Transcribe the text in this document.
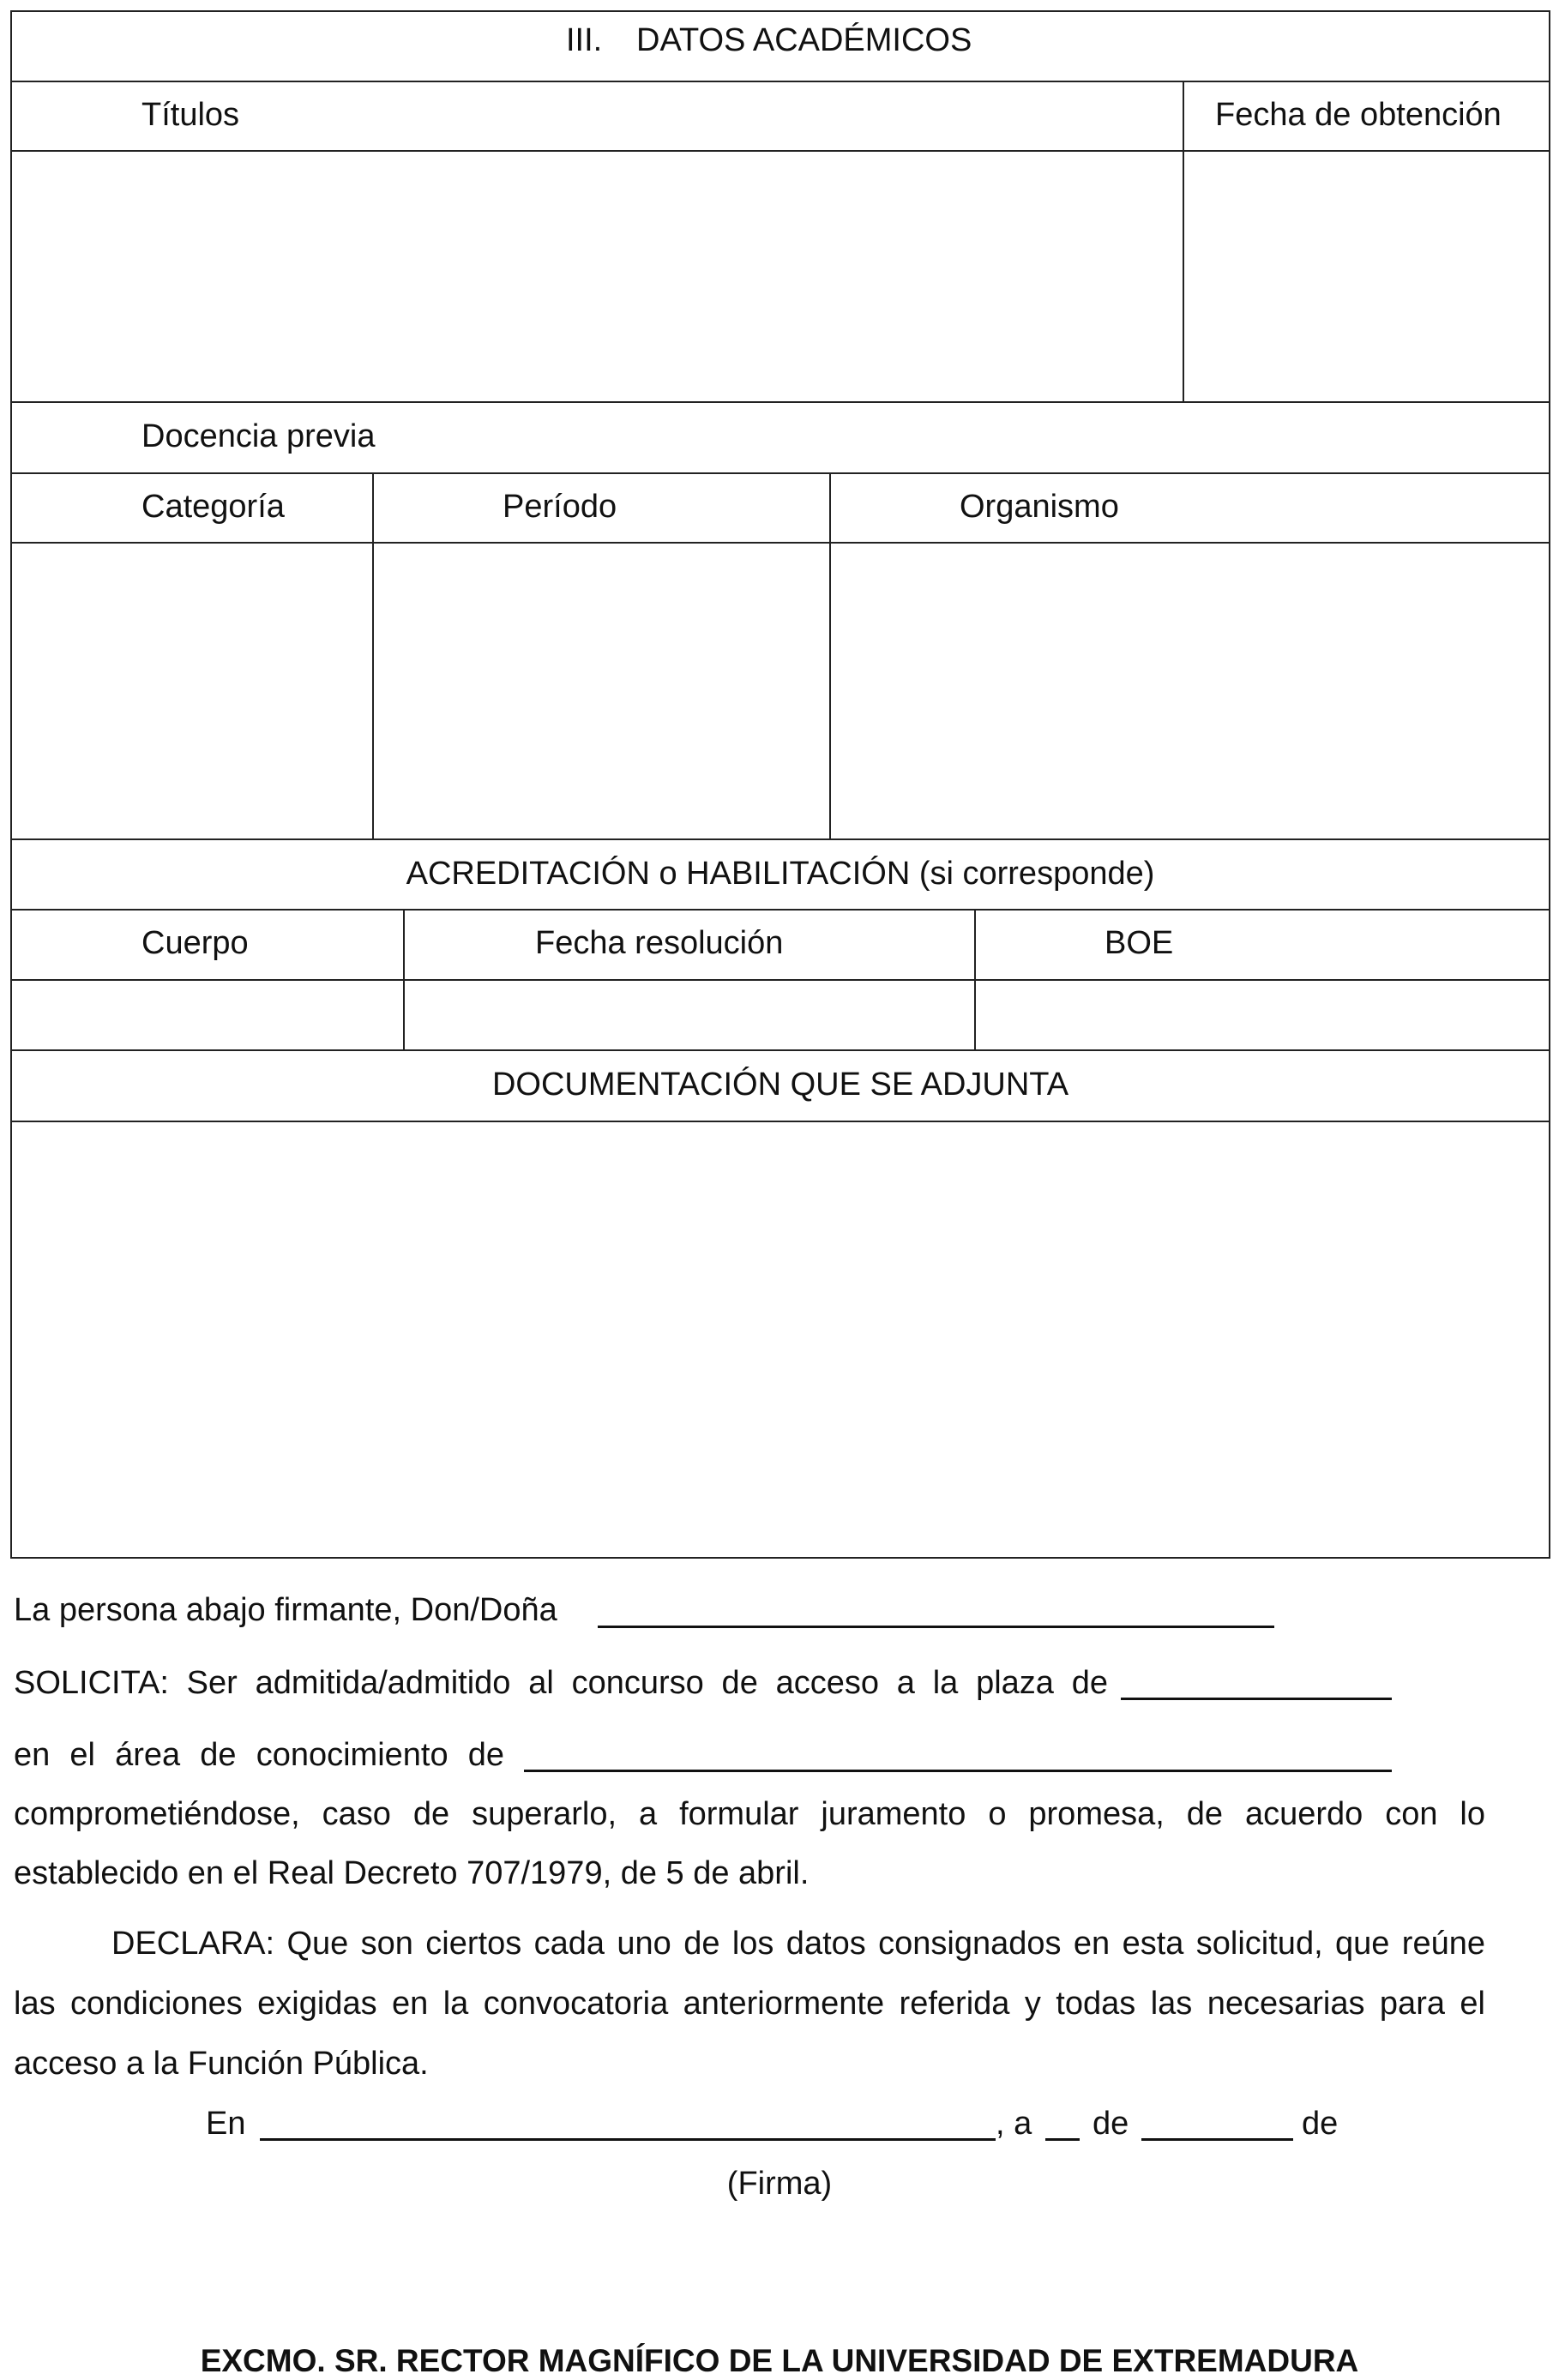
III. DATOS ACADÉMICOS
Títulos	Fecha de obtención
Docencia previa
Categoría	Período	Organismo
ACREDITACIÓN o HABILITACIÓN (si corresponde)
Cuerpo	Fecha resolución	BOE
DOCUMENTACIÓN QUE SE ADJUNTA
La persona abajo firmante, Don/Doña
SOLICITA: Ser admitida/admitido al concurso de acceso a la plaza de
en el área de conocimiento de
comprometiéndose, caso de superarlo, a formular juramento o promesa, de acuerdo con lo
establecido en el Real Decreto 707/1979, de 5 de abril.
DECLARA: Que son ciertos cada uno de los datos consignados en esta solicitud, que reúne
las condiciones exigidas en la convocatoria anteriormente referida y todas las necesarias para el
acceso a la Función Pública.
En	, a de	de
(Firma)
EXCMO. SR. RECTOR MAGNÍFICO DE LA UNIVERSIDAD DE EXTREMADURA
